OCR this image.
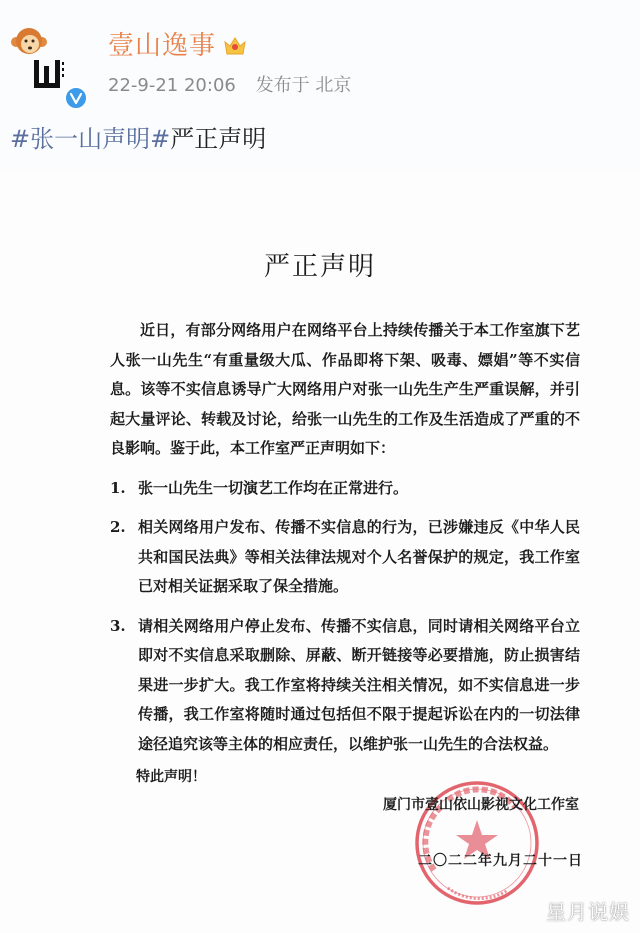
壹山逸事
22-9-21 20:06 发布于 北京
#张一山声明#严正声明
严正声明

近日，有部分网络用户在网络平台上持续传播关于本工作室旗下艺人张一山先生“有重量级大瓜、作品即将下架、吸毒、嫖娼”等不实信息。该等不实信息诱导广大网络用户对张一山先生产生严重误解，并引起大量评论、转载及讨论，给张一山先生的工作及生活造成了严重的不良影响。鉴于此，本工作室严正声明如下：

1. 张一山先生一切演艺工作均在正常进行。
2. 相关网络用户发布、传播不实信息的行为，已涉嫌违反《中华人民共和国民法典》等相关法律法规对个人名誉保护的规定，我工作室已对相关证据采取了保全措施。
3. 请相关网络用户停止发布、传播不实信息，同时请相关网络平台立即对不实信息采取删除、屏蔽、断开链接等必要措施，防止损害结果进一步扩大。我工作室将持续关注相关情况，如不实信息进一步传播，我工作室将随时通过包括但不限于提起诉讼在内的一切法律途径追究该等主体的相应责任，以维护张一山先生的合法权益。
特此声明！
厦门市壹山依山影视文化工作室
二〇二二年九月二十一日
星月说娱
